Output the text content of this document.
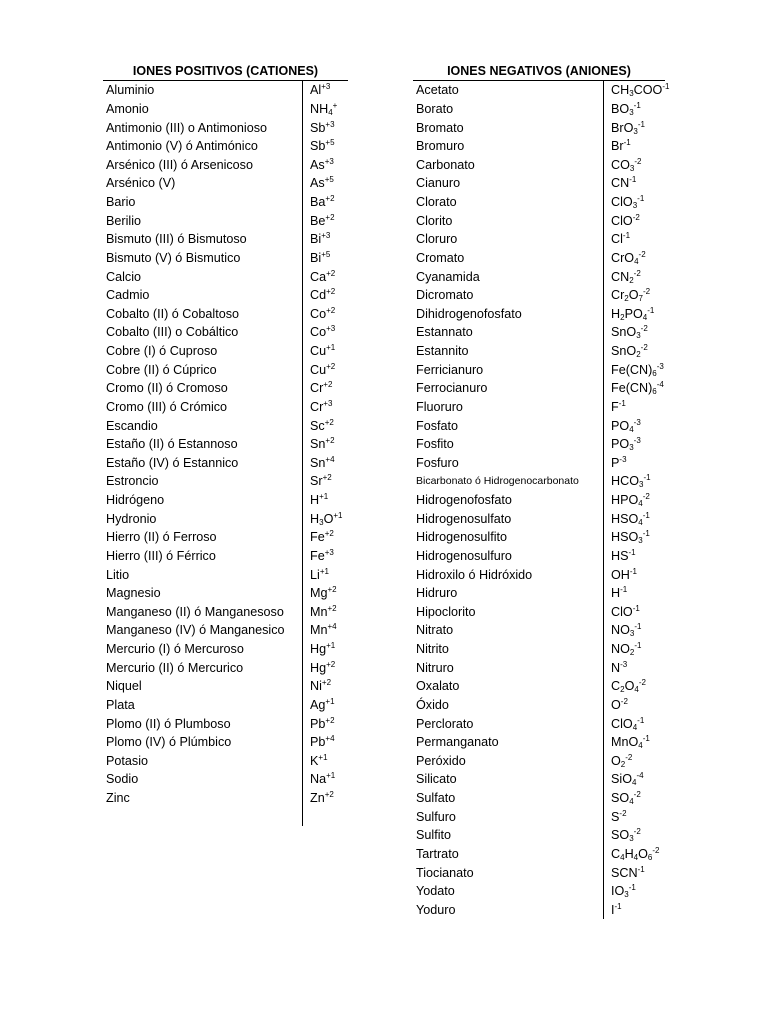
IONES POSITIVOS (CATIONES)
Aluminio	$Al^{+3}$
Amonio	$NH_4^+$
Antimonio (III) o Antimonioso	$Sb^{+3}$
Antimonio (V) ó Antimónico	$Sb^{+5}$
Arsénico (III) ó Arsenicoso	$As^{+3}$
Arsénico (V)	$As^{+5}$
Bario	$Ba^{+2}$
Berilio	$Be^{+2}$
Bismuto (III) ó Bismutoso	$Bi^{+3}$
Bismuto (V) ó Bismutico	$Bi^{+5}$
Calcio	$Ca^{+2}$
Cadmio	$Cd^{+2}$
Cobalto (II) ó Cobaltoso	$Co^{+2}$
Cobalto (III) o Cobáltico	$Co^{+3}$
Cobre (I) ó Cuproso	$Cu^{+1}$
Cobre (II) ó Cúprico	$Cu^{+2}$
Cromo (II) ó Cromoso	$Cr^{+2}$
Cromo (III) ó Crómico	$Cr^{+3}$
Escandio	$Sc^{+2}$
Estaño (II) ó Estannoso	$Sn^{+2}$
Estaño (IV) ó Estannico	$Sn^{+4}$
Estroncio	$Sr^{+2}$
Hidrógeno	$H^{+1}$
Hydronio	$H_3O^{+1}$
Hierro (II) ó Ferroso	$Fe^{+2}$
Hierro (III) ó Férrico	$Fe^{+3}$
Litio	$Li^{+1}$
Magnesio	$Mg^{+2}$
Manganeso (II) ó Manganesoso	$Mn^{+2}$
Manganeso (IV) ó Manganesico	$Mn^{+4}$
Mercurio (I) ó Mercuroso	$Hg^{+1}$
Mercurio (II) ó Mercurico	$Hg^{+2}$
Niquel	$Ni^{+2}$
Plata	$Ag^{+1}$
Plomo (II) ó Plumboso	$Pb^{+2}$
Plomo (IV) ó Plúmbico	$Pb^{+4}$
Potasio	$K^{+1}$
Sodio	$Na^{+1}$
Zinc	$Zn^{+2}$
IONES NEGATIVOS (ANIONES)
Acetato	$CH_3COO^{-1}$
Borato	$BO_3^{-1}$
Bromato	BrO$_3^{-1}$
Bromuro	$Br^{-1}$
Carbonato	$CO_3^{-2}$
Cianuro	$CN^{-1}$
Clorato	ClO$_3^{-1}$
Clorito	ClO$^{-2}$
Cloruro	$Cl^{-1}$
Cromato	CrO$_4^{-2}$
Cyanamida	$CN_2^{-2}$
Dicromato	$Cr_2O_7^{-2}$
Dihidrogenofosfato	$H_2PO_4^{-1}$
Estannato	SnO$_3^{-2}$
Estannito	SnO$_2^{-2}$
Ferricianuro	$Fe(CN)_6^{-3}$
Ferrocianuro	$Fe(CN)_6^{-4}$
Fluoruro	$F^{-1}$
Fosfato	$PO_4^{-3}$
Fosfito	$PO_3^{-3}$
Fosfuro	$P^{-3}$
Bicarbonato ó Hidrogenocarbonato	$HCO_3^{-1}$
Hidrogenofosfato	$HPO_4^{-2}$
Hidrogenosulfato	$HSO_4^{-1}$
Hidrogenosulfito	$HSO_3^{-1}$
Hidrogenosulfuro	$HS^{-1}$
Hidroxilo ó Hidróxido	$OH^{-1}$
Hidruro	$H^{-1}$
Hipoclorito	ClO$^{-1}$
Nitrato	$NO_3^{-1}$
Nitrito	$NO_2^{-1}$
Nitruro	$N^{-3}$
Oxalato	$C_2O_4^{-2}$
Óxido	$O^{-2}$
Perclorato	ClO$_4^{-1}$
Permanganato	MnO$_4^{-1}$
Peróxido	$O_2^{-2}$
Silicato	SiO$_4^{-4}$
Sulfato	$SO_4^{-2}$
Sulfuro	$S^{-2}$
Sulfito	$SO_3^{-2}$
Tartrato	$C_4H_4O_6^{-2}$
Tiocianato	$SCN^{-1}$
Yodato	$IO_3^{-1}$
Yoduro	$I^{-1}$
